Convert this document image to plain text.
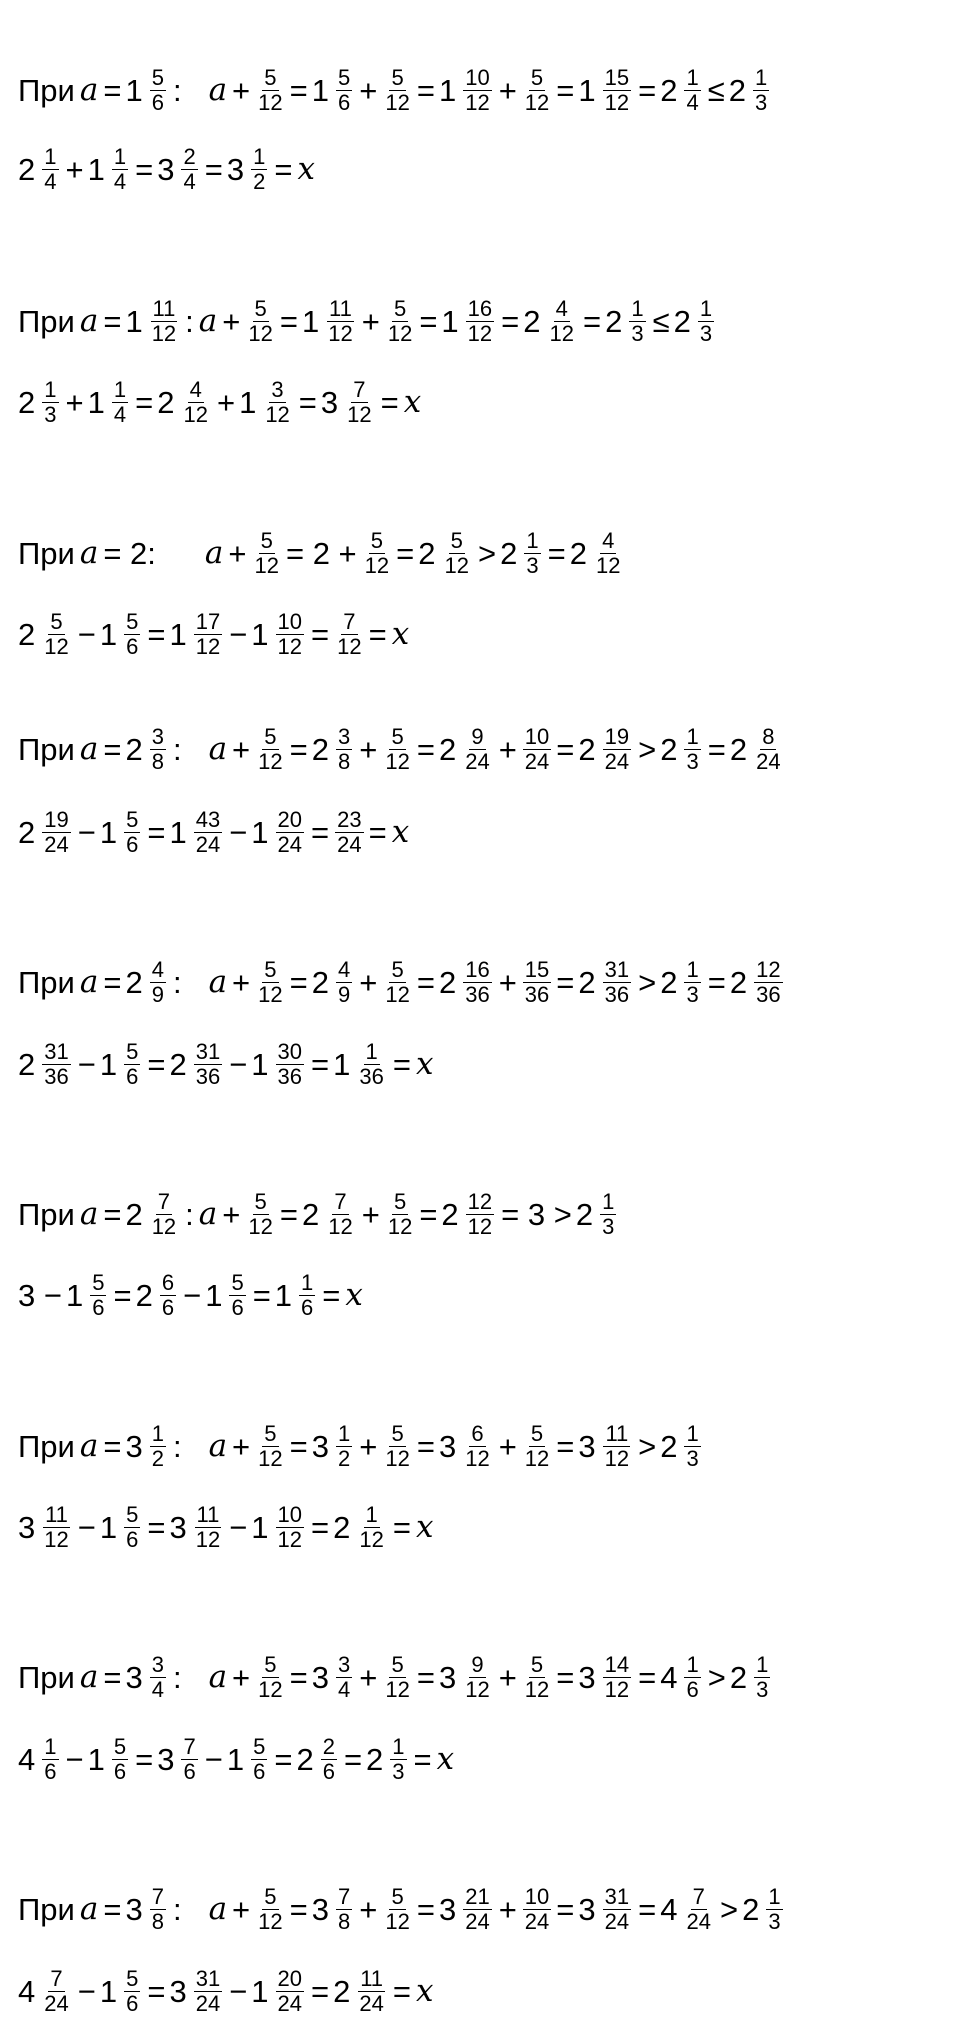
При $a = 1 \frac{5}{6}$ : $a + \frac{5}{12} = 1 \frac{5}{6} + \frac{5}{12} = 1 \frac{10}{12} + \frac{5}{12} = 1 \frac{15}{12} = 2 \frac{1}{4} \le 2 \frac{1}{3}$
$2 \frac{1}{4} + 1 \frac{1}{4} = 3 \frac{2}{4} = 3 \frac{1}{2} = x$
При $a = 1 \frac{11}{12}$ : $a + \frac{5}{12} = 1 \frac{11}{12} + \frac{5}{12} = 1 \frac{16}{12} = 2 \frac{4}{12} = 2 \frac{1}{3} \le 2 \frac{1}{3}$
$2 \frac{1}{3} + 1 \frac{1}{4} = 2 \frac{4}{12} + 1 \frac{3}{12} = 3 \frac{7}{12} = x$
При a = 2: $a + \frac{5}{12} = 2 + \frac{5}{12} = 2 \frac{5}{12} > 2 \frac{1}{3} = 2 \frac{4}{12}$
$2 \frac{5}{12} - 1 \frac{5}{6} = 1 \frac{17}{12} - 1 \frac{10}{12} = \frac{7}{12} = x$
При $a = 2 \frac{3}{8}$ : $a + \frac{5}{12} = 2 \frac{3}{8} + \frac{5}{12} = 2 \frac{9}{24} + \frac{10}{24} = 2 \frac{19}{24} > 2 \frac{1}{3} = 2 \frac{8}{24}$
$2 \frac{19}{24} - 1 \frac{5}{6} = 1 \frac{43}{24} - 1 \frac{20}{24} = \frac{23}{24} = x$
При $a = 2 \frac{4}{9}$ : $a + \frac{5}{12} = 2 \frac{4}{9} + \frac{5}{12} = 2 \frac{16}{36} + \frac{15}{36} = 2 \frac{31}{36} > 2 \frac{1}{3} = 2 \frac{12}{36}$
$2 \frac{31}{36} - 1 \frac{5}{6} = 2 \frac{31}{36} - 1 \frac{30}{36} = 1 \frac{1}{36} = x$
При $a = 2 \frac{7}{12}$ : $a + \frac{5}{12} = 2 \frac{7}{12} + \frac{5}{12} = 2 \frac{12}{12} = 3 > 2 \frac{1}{3}$
$3 - 1 \frac{5}{6} = 2 \frac{6}{6} - 1 \frac{5}{6} = 1 \frac{1}{6} = x$
При $a = 3 \frac{1}{2}$ : $a + \frac{5}{12} = 3 \frac{1}{2} + \frac{5}{12} = 3 \frac{6}{12} + \frac{5}{12} = 3 \frac{11}{12} > 2 \frac{1}{3}$
$3 \frac{11}{12} - 1 \frac{5}{6} = 3 \frac{11}{12} - 1 \frac{10}{12} = 2 \frac{1}{12} = x$
При $a = 3 \frac{3}{4}$ : $a + \frac{5}{12} = 3 \frac{3}{4} + \frac{5}{12} = 3 \frac{9}{12} + \frac{5}{12} = 3 \frac{14}{12} = 4 \frac{1}{6} > 2 \frac{1}{3}$
$4 \frac{1}{6} - 1 \frac{5}{6} = 3 \frac{7}{6} - 1 \frac{5}{6} = 2 \frac{2}{6} = 2 \frac{1}{3} = x$
При $a = 3 \frac{7}{8}$ : $a + \frac{5}{12} = 3 \frac{7}{8} + \frac{5}{12} = 3 \frac{21}{24} + \frac{10}{24} = 3 \frac{31}{24} = 4 \frac{7}{24} > 2 \frac{1}{3}$
$4 \frac{7}{24} - 1 \frac{5}{6} = 3 \frac{31}{24} - 1 \frac{20}{24} = 2 \frac{11}{24} = x$
